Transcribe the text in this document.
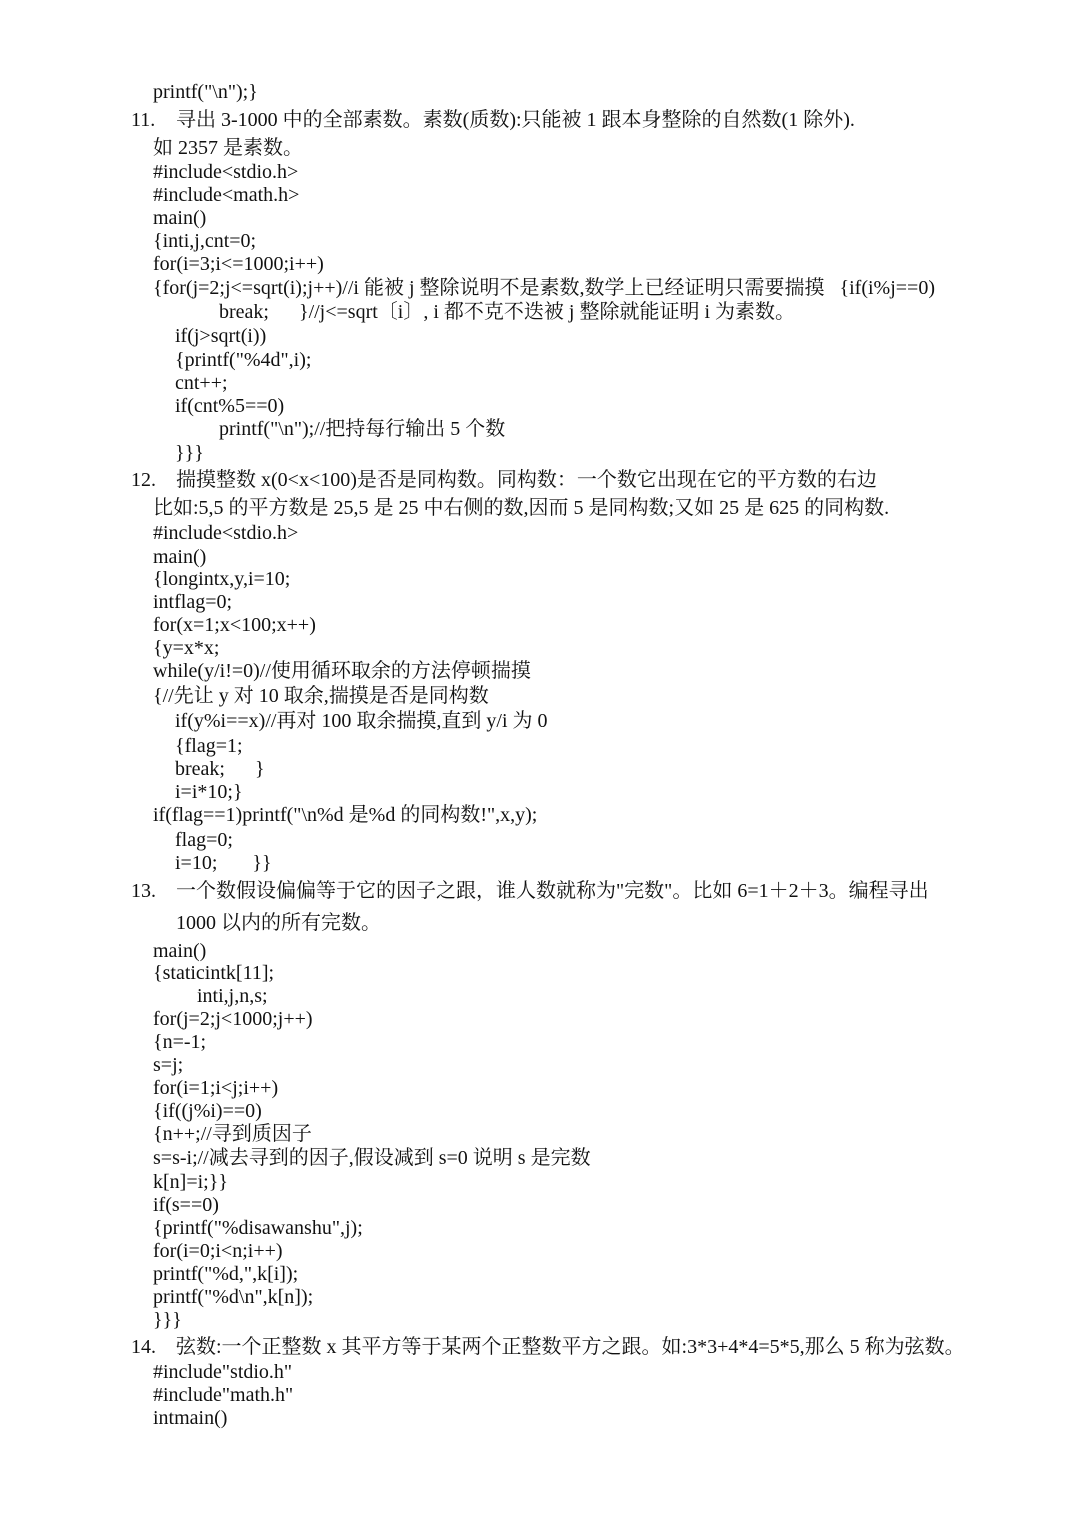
printf("\n");}
11. 寻出 3-1000 中的全部素数。素数(质数):只能被 1 跟本身整除的自然数(1 除外).
如 2357 是素数。
#include<stdio.h>
#include<math.h>
main()
{inti,j,cnt=0;
for(i=3;i<=1000;i++)
{for(j=2;j<=sqrt(i);j++)//i 能被 j 整除说明不是素数,数学上已经证明只需要揣摸   {if(i%j==0)
break;      }//j<=sqrt〔i〕, i 都不克不迭被 j 整除就能证明 i 为素数。
if(j>sqrt(i))
{printf("%4d",i);
cnt++;
if(cnt%5==0)
printf("\n");//把持每行输出 5 个数
}}}
12. 揣摸整数 x(0<x<100)是否是同构数。同构数：一个数它出现在它的平方数的右边
比如:5,5 的平方数是 25,5 是 25 中右侧的数,因而 5 是同构数;又如 25 是 625 的同构数.
#include<stdio.h>
main()
{longintx,y,i=10;
intflag=0;
for(x=1;x<100;x++)
{y=x*x;
while(y/i!=0)//使用循环取余的方法停顿揣摸
{//先让 y 对 10 取余,揣摸是否是同构数
if(y%i==x)//再对 100 取余揣摸,直到 y/i 为 0
{flag=1;
break;      }
i=i*10;}
if(flag==1)printf("\n%d 是%d 的同构数!",x,y);
flag=0;
i=10;       }}
13. 一个数假设偏偏等于它的因子之跟，谁人数就称为"完数"。比如 6=1＋2＋3。编程寻出
1000 以内的所有完数。
main()
{staticintk[11];
inti,j,n,s;
for(j=2;j<1000;j++)
{n=-1;
s=j;
for(i=1;i<j;i++)
{if((j%i)==0)
{n++;//寻到质因子
s=s-i;//减去寻到的因子,假设减到 s=0 说明 s 是完数
k[n]=i;}}
if(s==0)
{printf("%disawanshu",j);
for(i=0;i<n;i++)
printf("%d,",k[i]);
printf("%d\n",k[n]);
}}}
14. 弦数:一个正整数 x 其平方等于某两个正整数平方之跟。如:3*3+4*4=5*5,那么 5 称为弦数。
#include"stdio.h"
#include"math.h"
intmain()
